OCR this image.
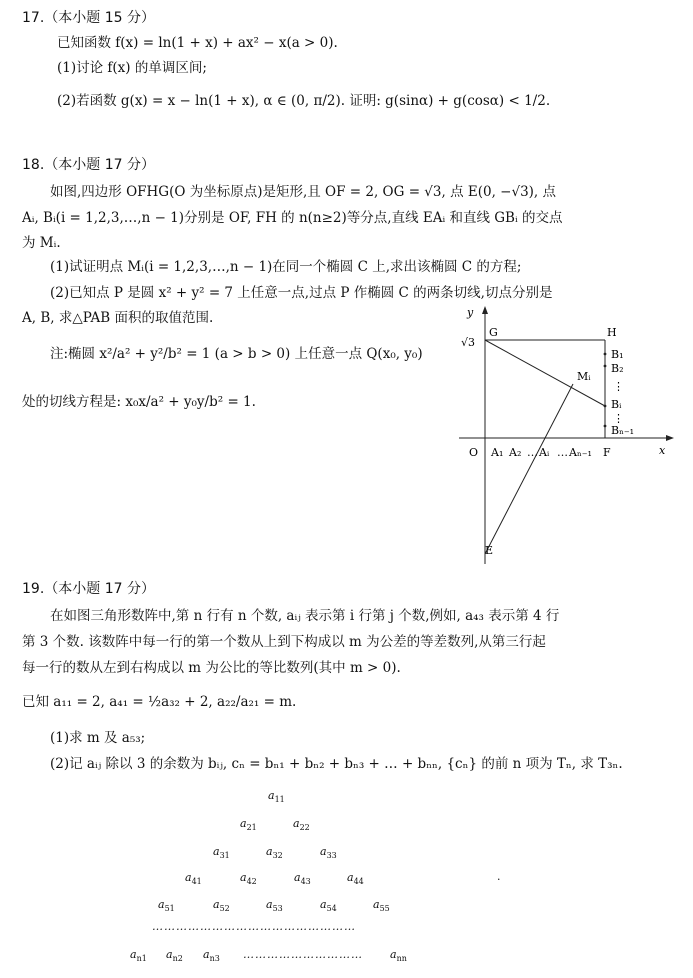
17.（本小题 15 分）
已知函数 f(x) = ln(1 + x) + ax² − x(a > 0).
(1)讨论 f(x) 的单调区间;
(2)若函数 g(x) = x − ln(1 + x), α ∈ (0, π/2). 证明: g(sinα) + g(cosα) < 1/2.
18.（本小题 17 分）
如图,四边形 OFHG(O 为坐标原点)是矩形,且 OF = 2, OG = √3, 点 E(0, −√3), 点
Aᵢ, Bᵢ(i = 1,2,3,…,n − 1)分别是 OF, FH 的 n(n≥2)等分点,直线 EAᵢ 和直线 GBᵢ 的交点
为 Mᵢ.
(1)试证明点 Mᵢ(i = 1,2,3,…,n − 1)在同一个椭圆 C 上,求出该椭圆 C 的方程;
(2)已知点 P 是圆 x² + y² = 7 上任意一点,过点 P 作椭圆 C 的两条切线,切点分别是
A, B, 求△PAB 面积的取值范围.
注:椭圆 x²/a² + y²/b² = 1 (a > b > 0) 上任意一点 Q(x₀, y₀)
处的切线方程是: x₀x/a² + y₀y/b² = 1.
y
x
G	H
√3
B₁
B₂
⋮
Bᵢ
⋮
Bₙ₋₁
Mᵢ
O A₁ A₂ … Aᵢ … Aₙ₋₁ F
E
19.（本小题 17 分）
在如图三角形数阵中,第 n 行有 n 个数, aᵢⱼ 表示第 i 行第 j 个数,例如, a₄₃ 表示第 4 行
第 3 个数. 该数阵中每一行的第一个数从上到下构成以 m 为公差的等差数列,从第三行起
每一行的数从左到右构成以 m 为公比的等比数列(其中 m > 0).
已知 a₁₁ = 2, a₄₁ = ½a₃₂ + 2, a₂₂/a₂₁ = m.
(1)求 m 及 a₅₃;
(2)记 aᵢⱼ 除以 3 的余数为 bᵢⱼ, cₙ = bₙ₁ + bₙ₂ + bₙ₃ + … + bₙₙ, {cₙ} 的前 n 项为 Tₙ, 求 T₃ₙ.
$a_{11}$
$a_{21}$	$a_{22}$
$a_{31}$	$a_{32}$	$a_{33}$
$a_{41}$	$a_{42}$	$a_{43}$	$a_{44}$
$a_{51}$	$a_{52}$	$a_{53}$	$a_{54}$	$a_{55}$
$a_{n1}$ $a_{n2}$ $a_{n3}$	$a_{nn}$
……………………………………………
…………………………
·
